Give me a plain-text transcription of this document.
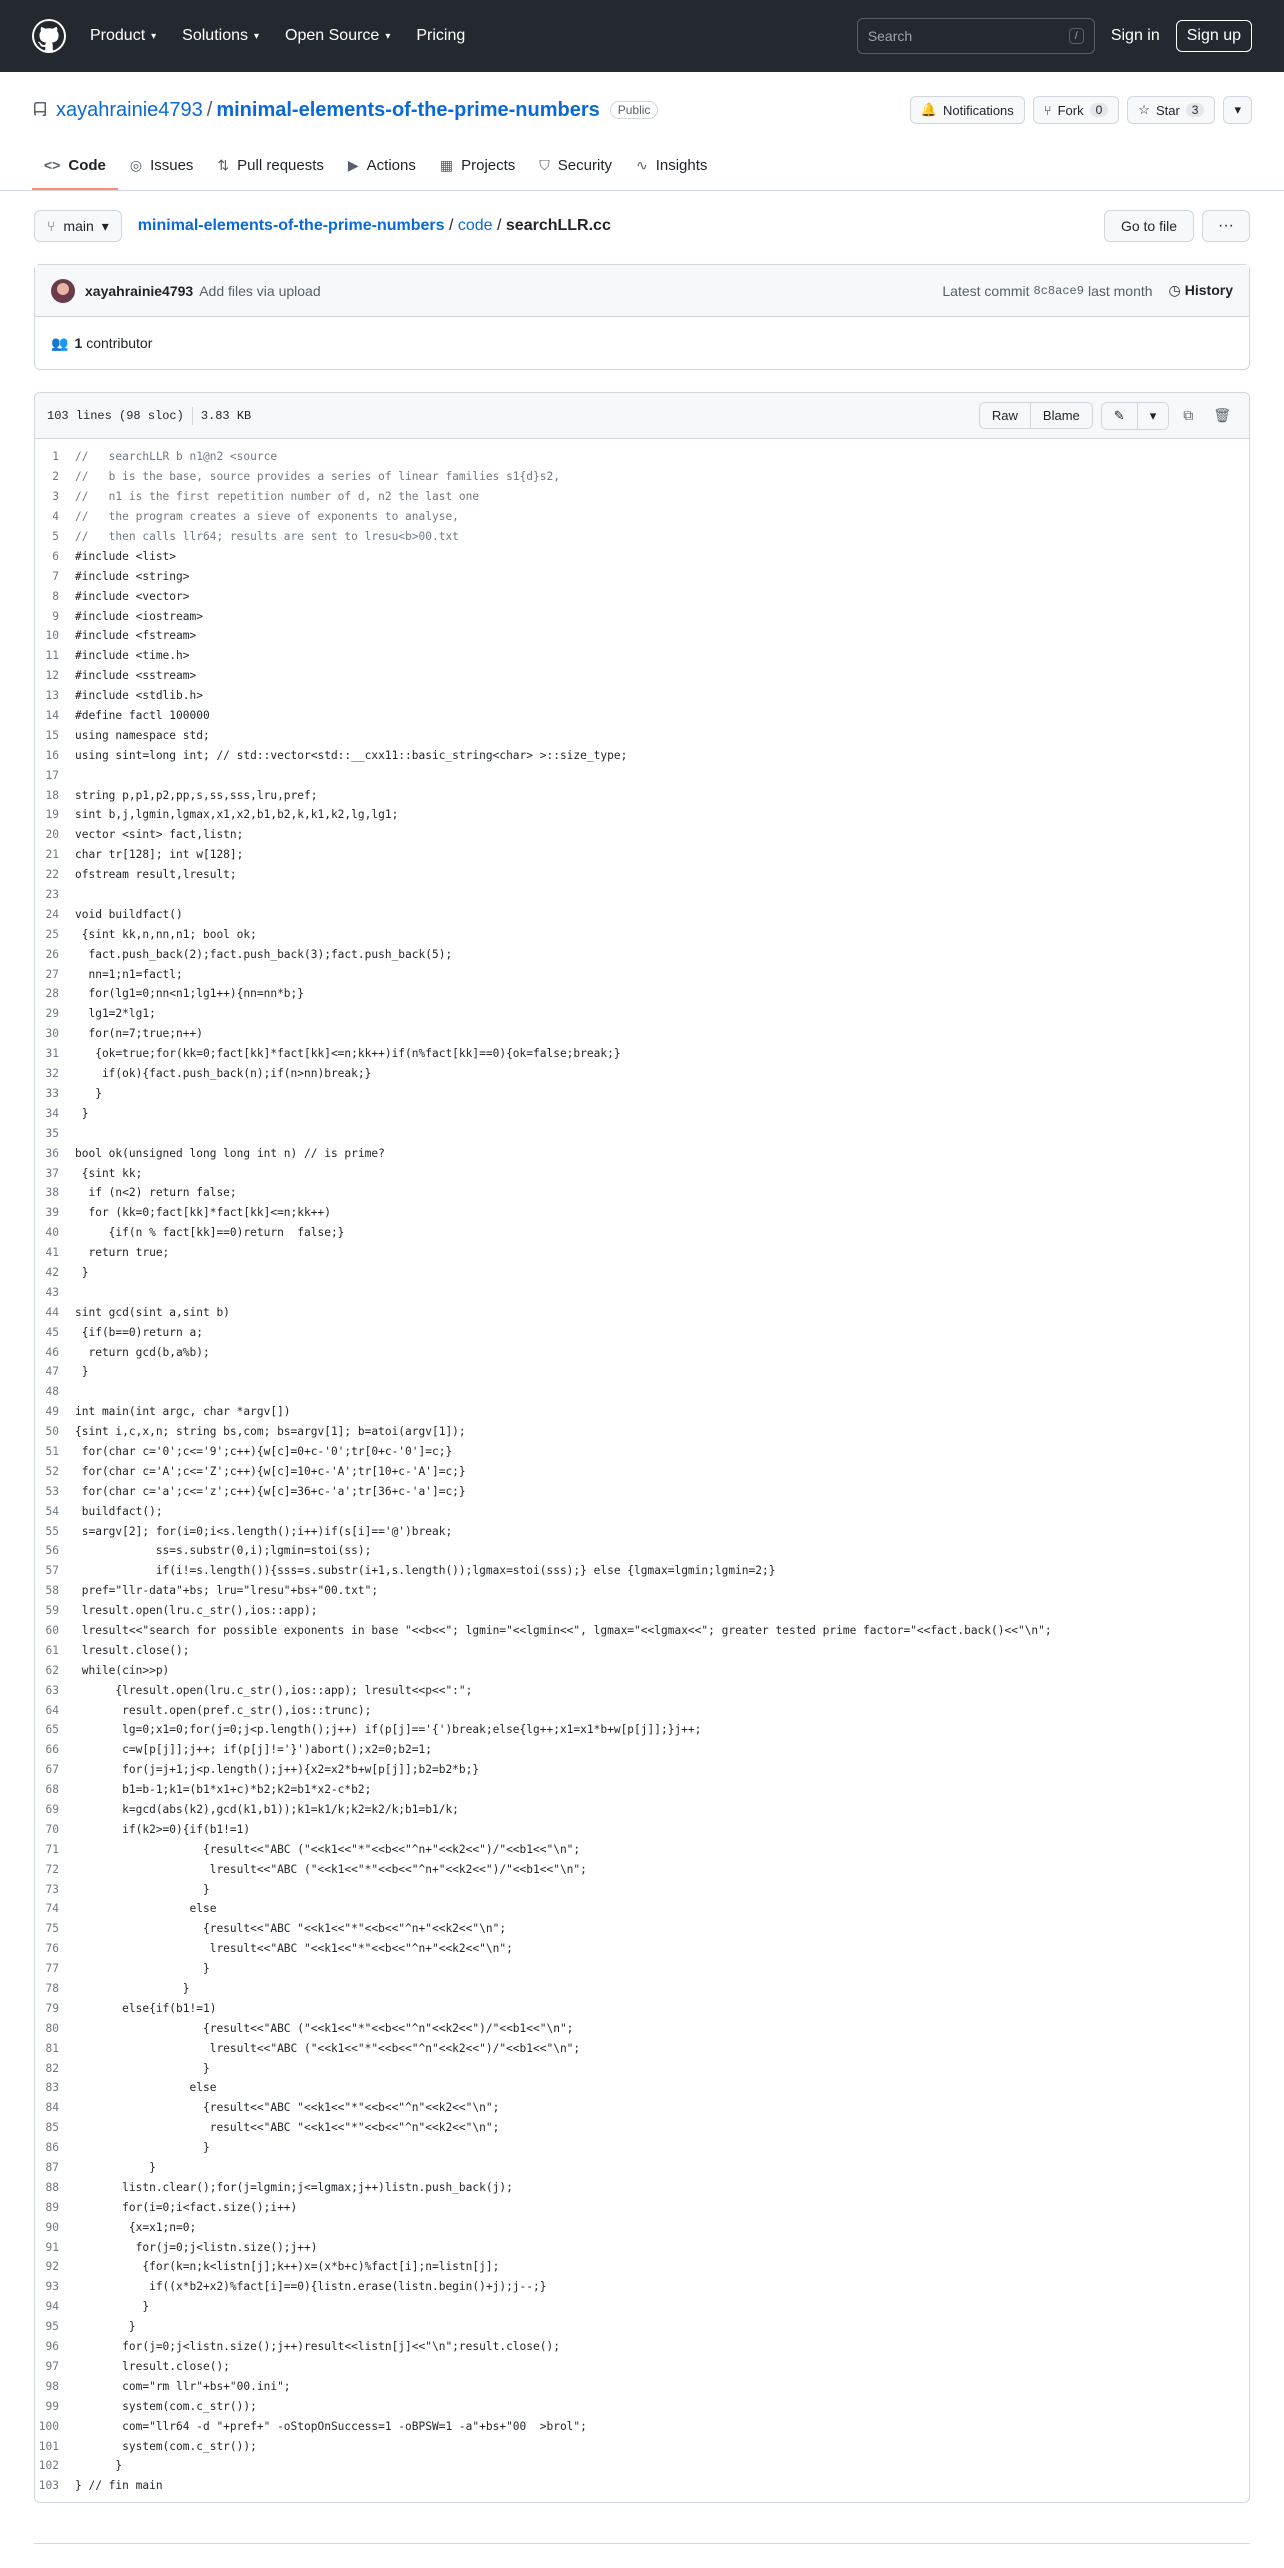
Product ▾ Solutions ▾ Open Source ▾ Pricing	Search	/	Sign in	Sign up
xayahrainie4793 / minimal-elements-of-the-prime-numbers	Public	🔔 Notifications ⑂ Fork	0	☆ Star	3	▾
<> Code ◎ Issues ⇅ Pull requests ▶ Actions ▦ Projects ⛉ Security ∿ Insights
⑂ main ▾ minimal-elements-of-the-prime-numbers / code / searchLLR.cc	Go to file	···
xayahrainie4793 Add files via upload	Latest commit 8c8ace9 last month ◷ History
👥 1 contributor
103 lines (98 sloc) 3.83 KB	Raw	Blame	✎	▾	⧉	🗑
1	//   searchLLR b n1@n2 <source
2	//   b is the base, source provides a series of linear families s1{d}s2,
3	//   n1 is the first repetition number of d, n2 the last one
4	//   the program creates a sieve of exponents to analyse,
5	//   then calls llr64; results are sent to lresu<b>00.txt
6	#include <list>
7	#include <string>
8	#include <vector>
9	#include <iostream>
10	#include <fstream>
11	#include <time.h>
12	#include <sstream>
13	#include <stdlib.h>
14	#define factl 100000
15	using namespace std;
16	using sint=long int; // std::vector<std::__cxx11::basic_string<char> >::size_type;
17
18	string p,p1,p2,pp,s,ss,sss,lru,pref;
19	sint b,j,lgmin,lgmax,x1,x2,b1,b2,k,k1,k2,lg,lg1;
20	vector <sint> fact,listn;
21	char tr[128]; int w[128];
22	ofstream result,lresult;
23
24	void buildfact()
25	{sint kk,n,nn,n1; bool ok;
26	fact.push_back(2);fact.push_back(3);fact.push_back(5);
27	nn=1;n1=factl;
28	for(lg1=0;nn<n1;lg1++){nn=nn*b;}
29	lg1=2*lg1;
30	for(n=7;true;n++)
31	{ok=true;for(kk=0;fact[kk]*fact[kk]<=n;kk++)if(n%fact[kk]==0){ok=false;break;}
32	if(ok){fact.push_back(n);if(n>nn)break;}
33	}
34	}
35
36	bool ok(unsigned long long int n) // is prime?
37	{sint kk;
38	if (n<2) return false;
39	for (kk=0;fact[kk]*fact[kk]<=n;kk++)
40	{if(n % fact[kk]==0)return  false;}
41	return true;
42	}
43
44	sint gcd(sint a,sint b)
45	{if(b==0)return a;
46	return gcd(b,a%b);
47	}
48
49	int main(int argc, char *argv[])
50	{sint i,c,x,n; string bs,com; bs=argv[1]; b=atoi(argv[1]);
51	for(char c='0';c<='9';c++){w[c]=0+c-'0';tr[0+c-'0']=c;}
52	for(char c='A';c<='Z';c++){w[c]=10+c-'A';tr[10+c-'A']=c;}
53	for(char c='a';c<='z';c++){w[c]=36+c-'a';tr[36+c-'a']=c;}
54	buildfact();
55	s=argv[2]; for(i=0;i<s.length();i++)if(s[i]=='@')break;
56	ss=s.substr(0,i);lgmin=stoi(ss);
57	if(i!=s.length()){sss=s.substr(i+1,s.length());lgmax=stoi(sss);} else {lgmax=lgmin;lgmin=2;}
58	pref="llr-data"+bs; lru="lresu"+bs+"00.txt";
59	lresult.open(lru.c_str(),ios::app);
60	lresult<<"search for possible exponents in base "<<b<<"; lgmin="<<lgmin<<", lgmax="<<lgmax<<"; greater tested prime factor="<<fact.back()<<"\n";
61	lresult.close();
62	while(cin>>p)
63	{lresult.open(lru.c_str(),ios::app); lresult<<p<<":";
64	result.open(pref.c_str(),ios::trunc);
65	lg=0;x1=0;for(j=0;j<p.length();j++) if(p[j]=='{')break;else{lg++;x1=x1*b+w[p[j]];}j++;
66	c=w[p[j]];j++; if(p[j]!='}')abort();x2=0;b2=1;
67	for(j=j+1;j<p.length();j++){x2=x2*b+w[p[j]];b2=b2*b;}
68	b1=b-1;k1=(b1*x1+c)*b2;k2=b1*x2-c*b2;
69	k=gcd(abs(k2),gcd(k1,b1));k1=k1/k;k2=k2/k;b1=b1/k;
70	if(k2>=0){if(b1!=1)
71	{result<<"ABC ("<<k1<<"*"<<b<<"^n+"<<k2<<")/"<<b1<<"\n";
72	lresult<<"ABC ("<<k1<<"*"<<b<<"^n+"<<k2<<")/"<<b1<<"\n";
73	}
74	else
75	{result<<"ABC "<<k1<<"*"<<b<<"^n+"<<k2<<"\n";
76	lresult<<"ABC "<<k1<<"*"<<b<<"^n+"<<k2<<"\n";
77	}
78	}
79	else{if(b1!=1)
80	{result<<"ABC ("<<k1<<"*"<<b<<"^n"<<k2<<")/"<<b1<<"\n";
81	lresult<<"ABC ("<<k1<<"*"<<b<<"^n"<<k2<<")/"<<b1<<"\n";
82	}
83	else
84	{result<<"ABC "<<k1<<"*"<<b<<"^n"<<k2<<"\n";
85	result<<"ABC "<<k1<<"*"<<b<<"^n"<<k2<<"\n";
86	}
87	}
88	listn.clear();for(j=lgmin;j<=lgmax;j++)listn.push_back(j);
89	for(i=0;i<fact.size();i++)
90	{x=x1;n=0;
91	for(j=0;j<listn.size();j++)
92	{for(k=n;k<listn[j];k++)x=(x*b+c)%fact[i];n=listn[j];
93	if((x*b2+x2)%fact[i]==0){listn.erase(listn.begin()+j);j--;}
94	}
95	}
96	for(j=0;j<listn.size();j++)result<<listn[j]<<"\n";result.close();
97	lresult.close();
98	com="rm llr"+bs+"00.ini";
99	system(com.c_str());
100	com="llr64 -d "+pref+" -oStopOnSuccess=1 -oBPSW=1 -a"+bs+"00  >brol";
101	system(com.c_str());
102	}
103	} // fin main
